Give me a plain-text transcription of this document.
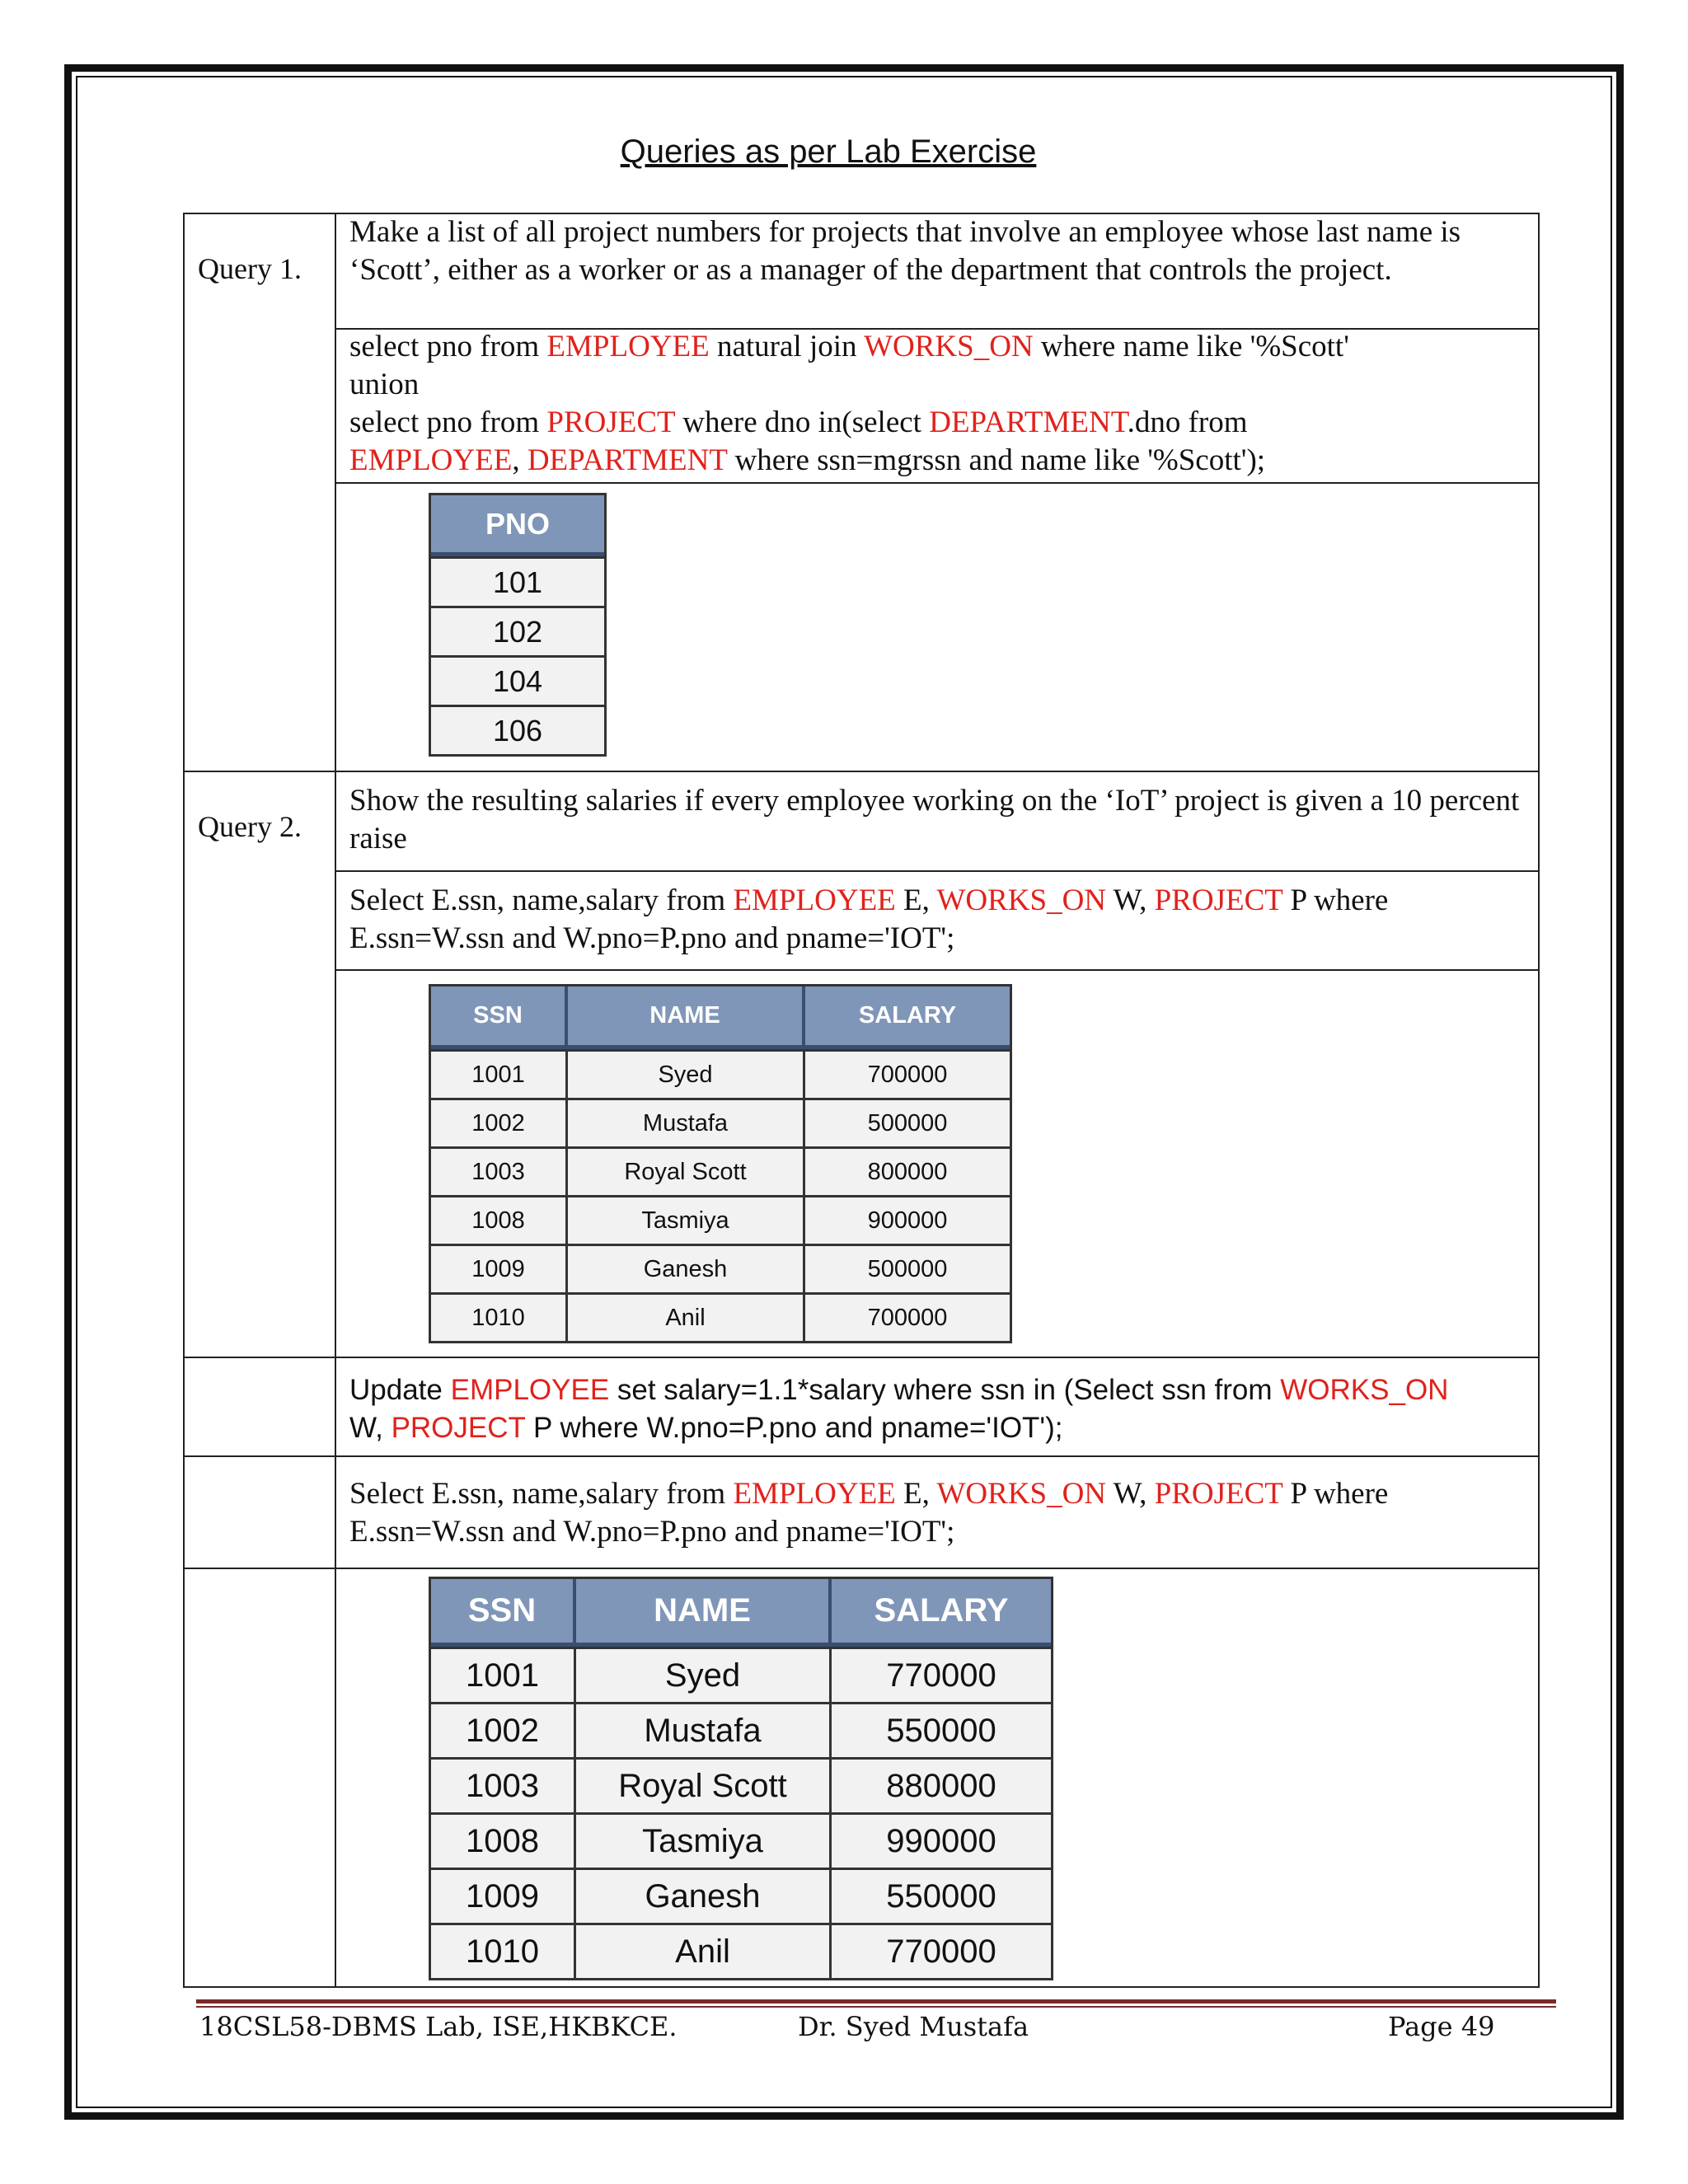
Queries as per Lab Exercise
Query 1.
Make a list of all project numbers for projects that involve an employee whose last name is ‘Scott’, either as a worker or as a manager of the department that controls the project.
select pno from EMPLOYEE natural join WORKS_ON where name like '%Scott'
union
select pno from PROJECT where dno in(select DEPARTMENT.dno from
EMPLOYEE, DEPARTMENT where ssn=mgrssn and name like '%Scott');
PNO
101
102
104
106
Query 2.
Show the resulting salaries if every employee working on the ‘IoT’ project is given a 10 percent raise
Select E.ssn, name,salary from EMPLOYEE E, WORKS_ON W, PROJECT P where
E.ssn=W.ssn and W.pno=P.pno and pname='IOT';
SSN	NAME	SALARY
1001	Syed	700000
1002	Mustafa	500000
1003	Royal Scott	800000
1008	Tasmiya	900000
1009	Ganesh	500000
1010	Anil	700000
Update EMPLOYEE set salary=1.1*salary where ssn in (Select ssn from WORKS_ON
W, PROJECT P where W.pno=P.pno and pname='IOT');
Select E.ssn, name,salary from EMPLOYEE E, WORKS_ON W, PROJECT P where
E.ssn=W.ssn and W.pno=P.pno and pname='IOT';
SSN	NAME	SALARY
1001	Syed	770000
1002	Mustafa	550000
1003	Royal Scott	880000
1008	Tasmiya	990000
1009	Ganesh	550000
1010	Anil	770000
18CSL58-DBMS Lab, ISE,HKBKCE.	Dr. Syed Mustafa	Page 49
